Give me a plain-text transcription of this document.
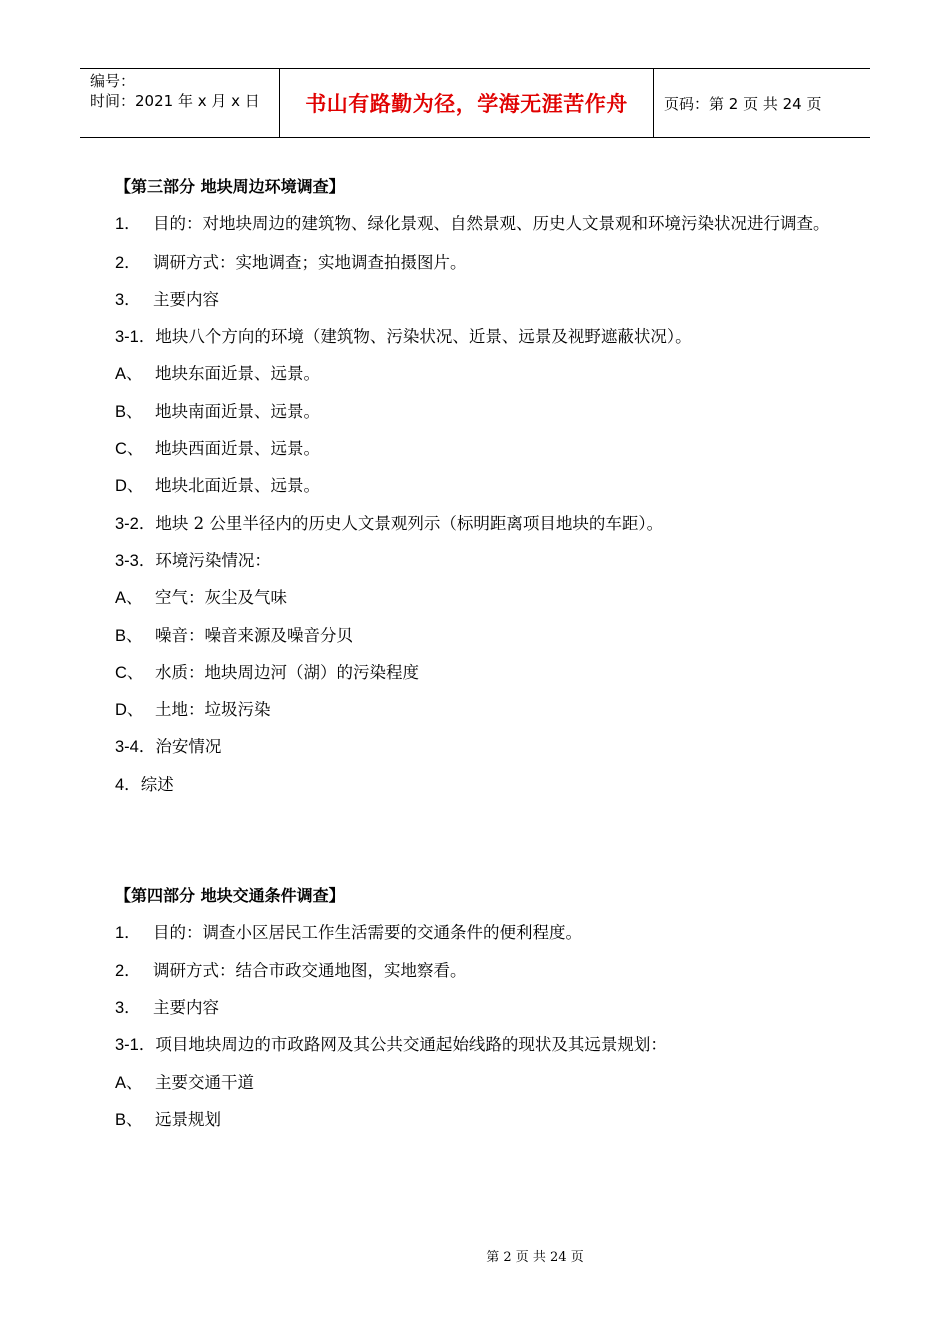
编号：
时间：2021 年 x 月 x 日	书山有路勤为径，学海无涯苦作舟	页码：第 2 页 共 24 页
【第三部分 地块周边环境调查】
1． 目的：对地块周边的建筑物、绿化景观、自然景观、历史人文景观和环境污染状况进行调查。
2． 调研方式：实地调查；实地调查拍摄图片。
3． 主要内容
3-1．地块八个方向的环境（建筑物、污染状况、近景、远景及视野遮蔽状况）。
A、 地块东面近景、远景。
B、 地块南面近景、远景。
C、 地块西面近景、远景。
D、 地块北面近景、远景。
3-2．地块 2 公里半径内的历史人文景观列示（标明距离项目地块的车距）。
3-3．环境污染情况：
A、 空气：灰尘及气味
B、 噪音：噪音来源及噪音分贝
C、 水质：地块周边河（湖）的污染程度
D、 土地：垃圾污染
3-4．治安情况
4．综述
【第四部分 地块交通条件调查】
1． 目的：调查小区居民工作生活需要的交通条件的便利程度。
2． 调研方式：结合市政交通地图，实地察看。
3． 主要内容
3-1．项目地块周边的市政路网及其公共交通起始线路的现状及其远景规划：
A、 主要交通干道
B、 远景规划
第 2 页 共 24 页
